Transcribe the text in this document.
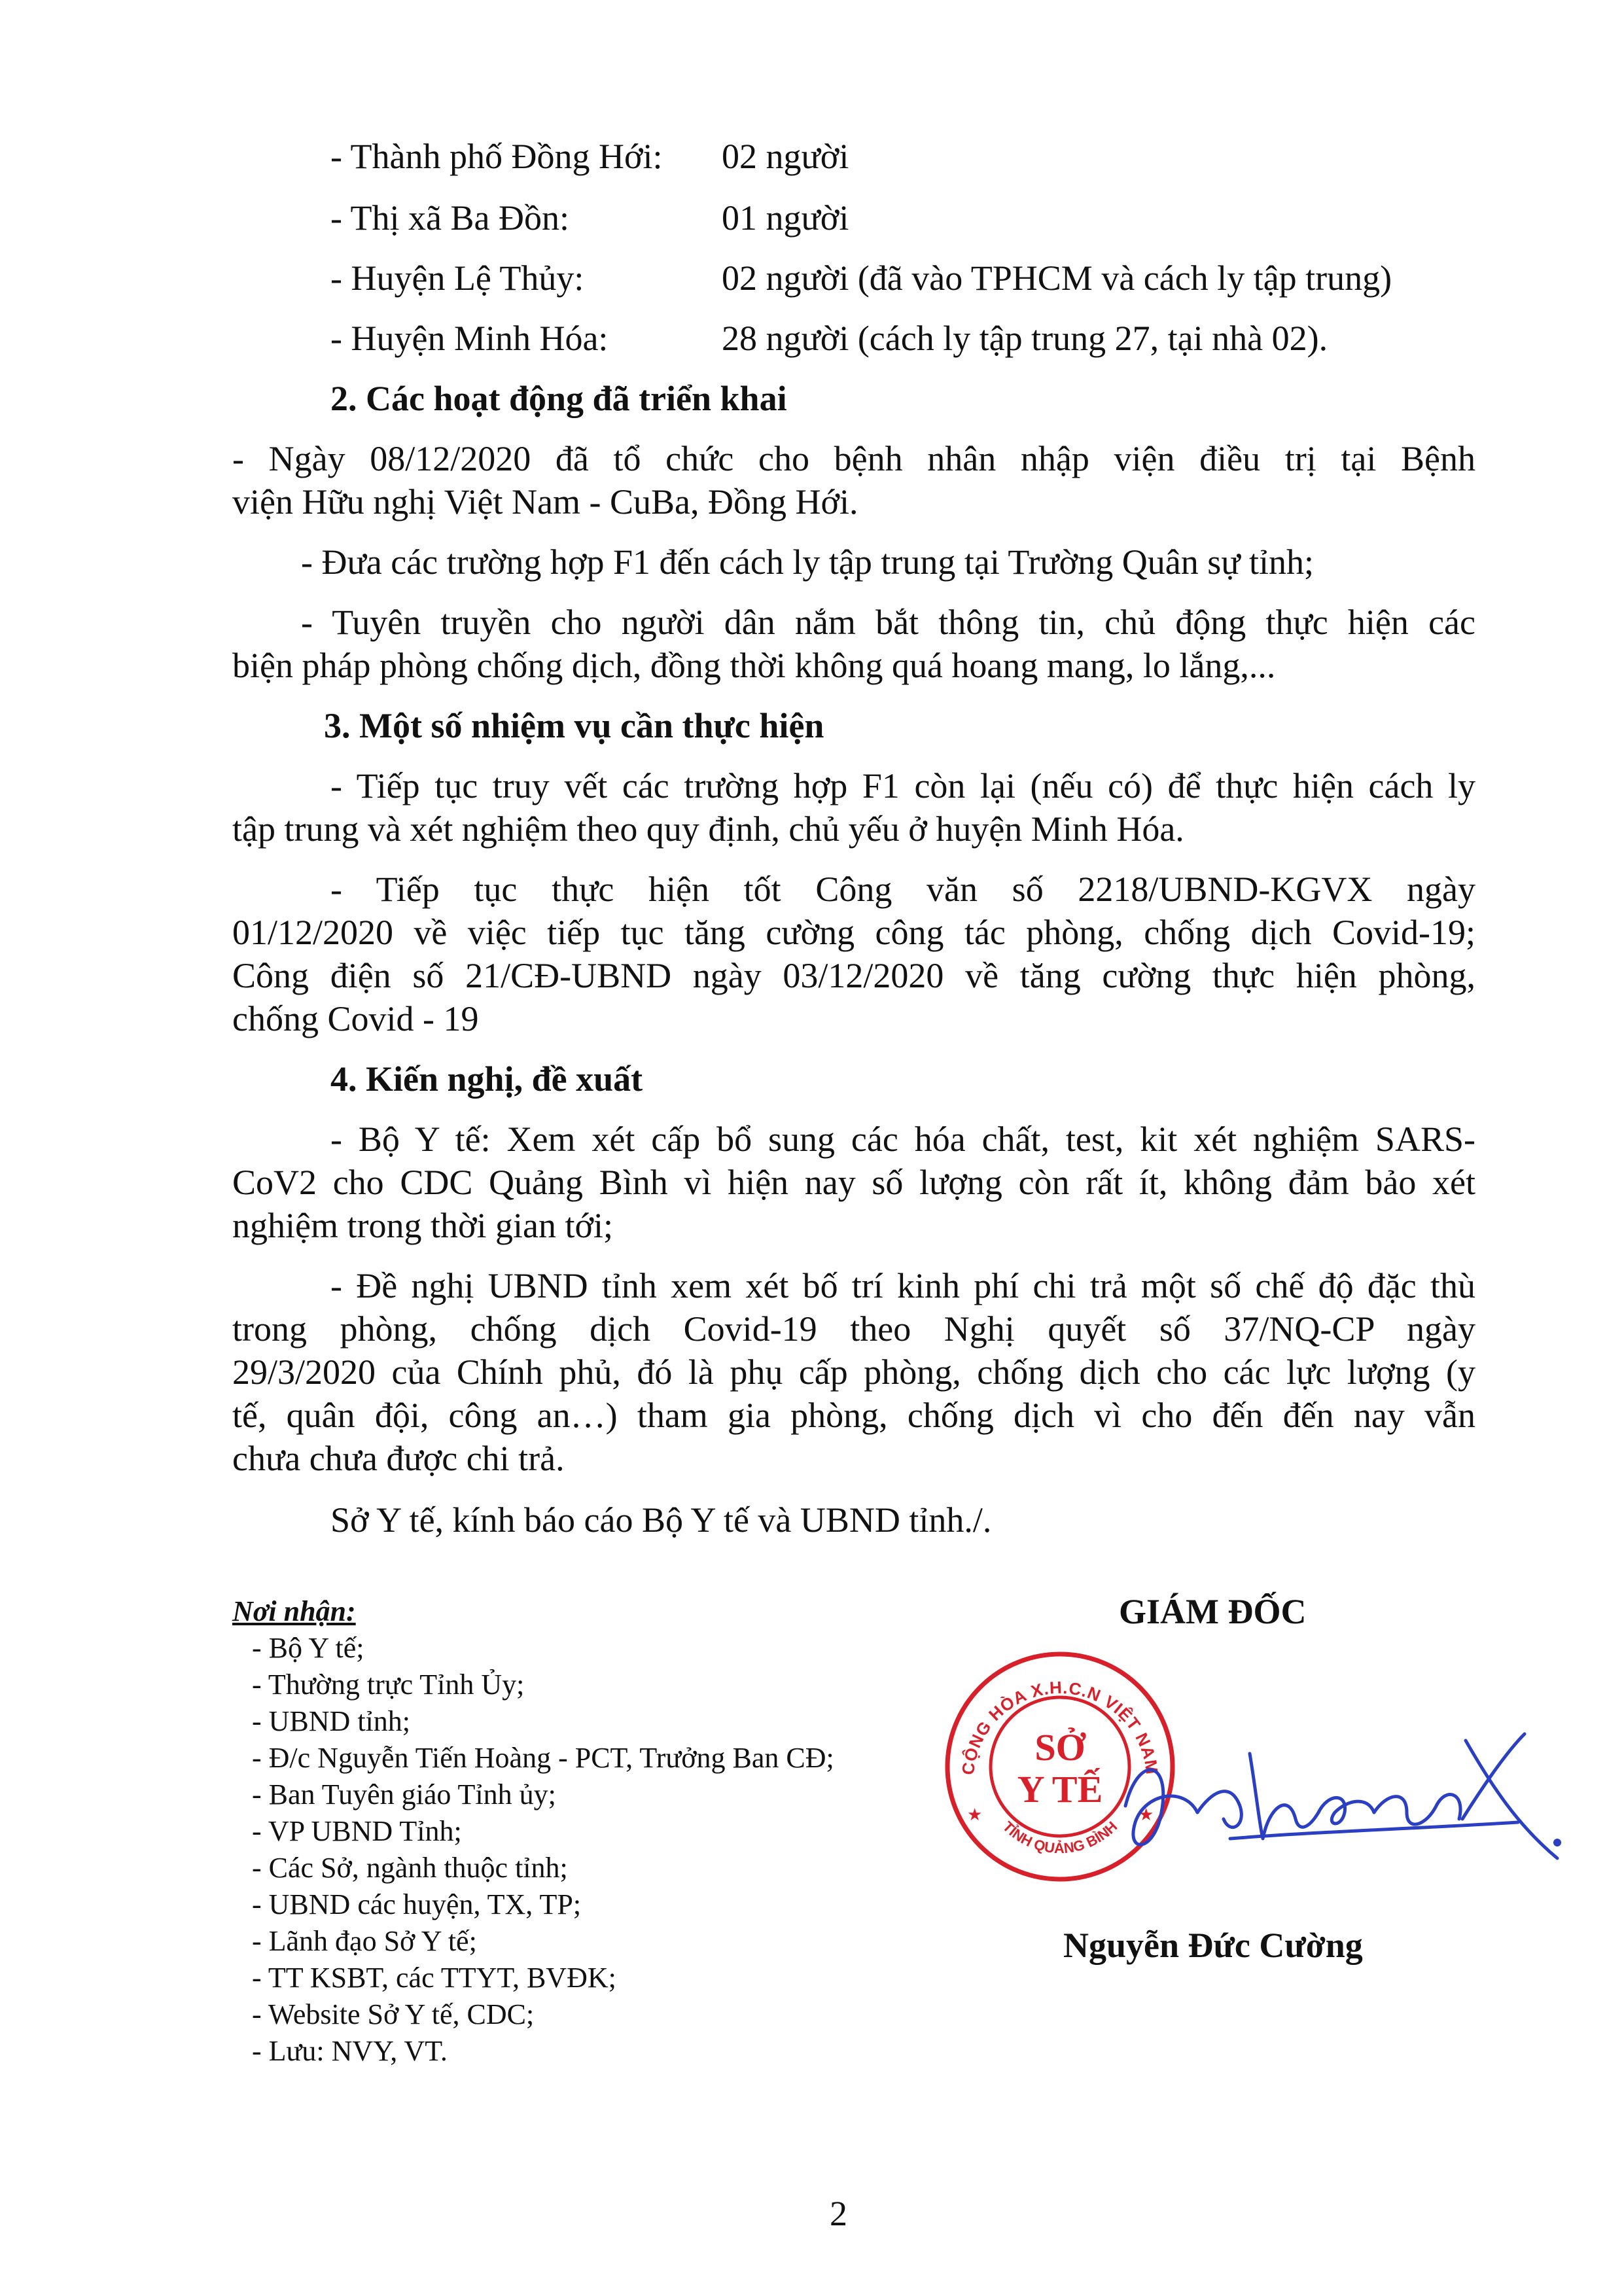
- Thành phố Đồng Hới: 02 người
- Thị xã Ba Đồn:	01 người
- Huyện Lệ Thủy:	02 người (đã vào TPHCM và cách ly tập trung)
- Huyện Minh Hóa:	28 người (cách ly tập trung 27, tại nhà 02).
2. Các hoạt động đã triển khai
- Ngày 08/12/2020 đã tổ chức cho bệnh nhân nhập viện điều trị tại Bệnh
viện Hữu nghị Việt Nam - CuBa, Đồng Hới.
- Đưa các trường hợp F1 đến cách ly tập trung tại Trường Quân sự tỉnh;
- Tuyên truyền cho người dân nắm bắt thông tin, chủ động thực hiện các
biện pháp phòng chống dịch, đồng thời không quá hoang mang, lo lắng,...
3. Một số nhiệm vụ cần thực hiện
- Tiếp tục truy vết các trường hợp F1 còn lại (nếu có) để thực hiện cách ly
tập trung và xét nghiệm theo quy định, chủ yếu ở huyện Minh Hóa.
- Tiếp tục thực hiện tốt Công văn số 2218/UBND-KGVX ngày
01/12/2020 về việc tiếp tục tăng cường công tác phòng, chống dịch Covid-19;
Công điện số 21/CĐ-UBND ngày 03/12/2020 về tăng cường thực hiện phòng,
chống Covid - 19
4. Kiến nghị, đề xuất
- Bộ Y tế: Xem xét cấp bổ sung các hóa chất, test, kit xét nghiệm SARS-
CoV2 cho CDC Quảng Bình vì hiện nay số lượng còn rất ít, không đảm bảo xét
nghiệm trong thời gian tới;
- Đề nghị UBND tỉnh xem xét bố trí kinh phí chi trả một số chế độ đặc thù
trong phòng, chống dịch Covid-19 theo Nghị quyết số 37/NQ-CP ngày
29/3/2020 của Chính phủ, đó là phụ cấp phòng, chống dịch cho các lực lượng (y
tế, quân đội, công an…) tham gia phòng, chống dịch vì cho đến đến nay vẫn
chưa chưa được chi trả.
Sở Y tế, kính báo cáo Bộ Y tế và UBND tỉnh./.
Nơi nhận:
- Bộ Y tế;
- Thường trực Tỉnh Ủy;
- UBND tỉnh;
- Đ/c Nguyễn Tiến Hoàng - PCT, Trưởng Ban CĐ;
- Ban Tuyên giáo Tỉnh ủy;
- VP UBND Tỉnh;
- Các Sở, ngành thuộc tỉnh;
- UBND các huyện, TX, TP;
- Lãnh đạo Sở Y tế;
- TT KSBT, các TTYT, BVĐK;
- Website Sở Y tế, CDC;
- Lưu: NVY, VT.
GIÁM ĐỐC
CỘNG HÒA X.H.C.N VIỆT NAM
TỈNH QUẢNG BÌNH
SỞ
Y TẾ
★	★
Nguyễn Đức Cường
2
